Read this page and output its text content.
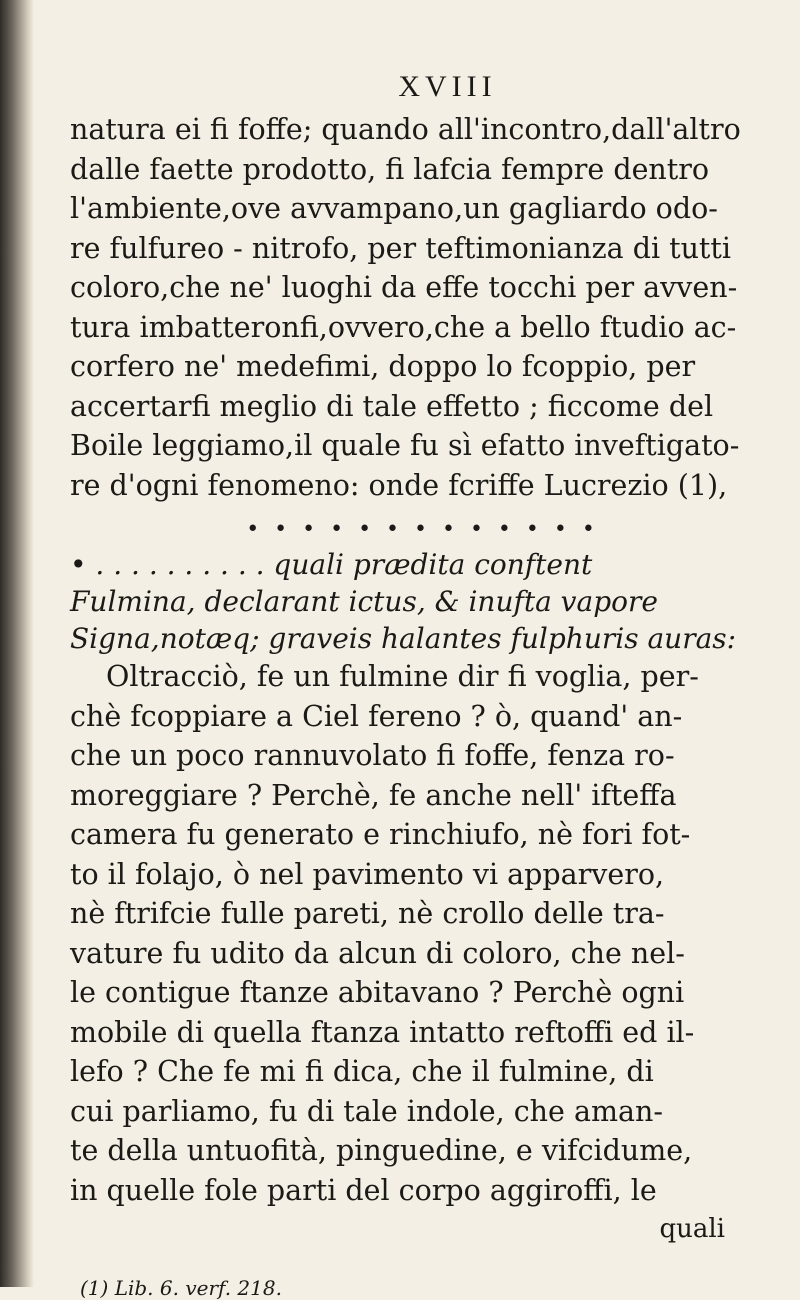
XVIII

natura ei fi foffe; quando all'incontro,dall'altro
dalle faette prodotto, fi lafcia fempre dentro
l'ambiente,ove avvampano,un gagliardo odo-
re fulfureo - nitrofo, per teftimonianza di tutti
coloro,che ne' luoghi da effe tocchi per avven-
tura imbatteronfi,ovvero,che a bello ftudio ac-
corfero ne' medefimi, doppo lo fcoppio, per
accertarfi meglio di tale effetto ; ficcome del
Boile leggiamo,il quale fu sì efatto inveftigato-
re d'ogni fenomeno: onde fcriffe Lucrezio (1),

• • • • • • • • • • • • •

• . . . . . . . . . . quali prædita conftent
Fulmina, declarant ictus, & inufta vapore
Signa,notæq; graveis halantes fulphuris auras:

Oltracciò, fe un fulmine dir fi voglia, per-
chè fcoppiare a Ciel fereno ? ò, quand' an-
che un poco rannuvolato fi foffe, fenza ro-
moreggiare ? Perchè, fe anche nell' ifteffa
camera fu generato e rinchiufo, nè fori fot-
to il folajo, ò nel pavimento vi apparvero,
nè ftrifcie fulle pareti, nè crollo delle tra-
vature fu udito da alcun di coloro, che nel-
le contigue ftanze abitavano ? Perchè ogni
mobile di quella ftanza intatto reftoffi ed il-
lefo ? Che fe mi fi dica, che il fulmine, di
cui parliamo, fu di tale indole, che aman-
te della untuofità, pinguedine, e vifcidume,
in quelle fole parti del corpo aggiroffi, le

quali
(1) Lib. 6. verf. 218.
